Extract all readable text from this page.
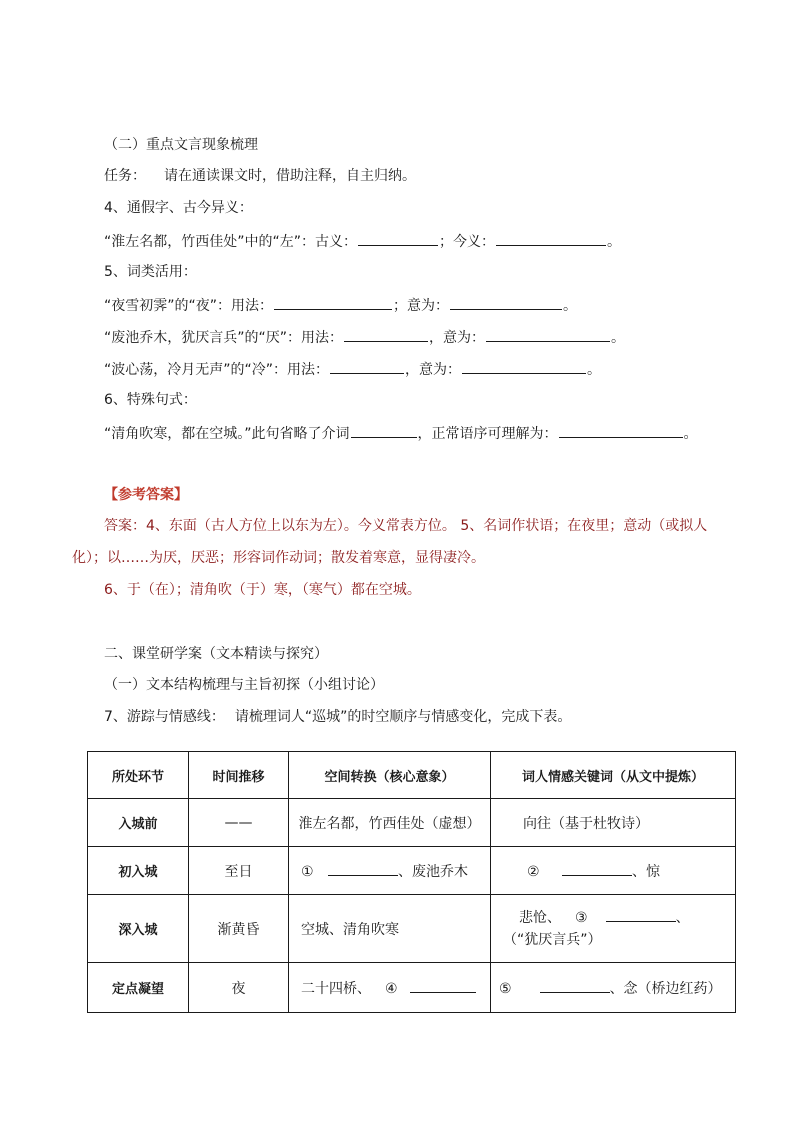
（二）重点文言现象梳理
任务： 请在通读课文时，借助注释，自主归纳。
4、通假字、古今异义：
“淮左名都，竹西佳处”中的“左”：古义：	；今义：	。
5、词类活用：
“夜雪初霁”的“夜”：用法：	；意为：	。
“废池乔木，犹厌言兵”的“厌”：用法：	，意为：	。
“波心荡，冷月无声”的“冷”：用法：	，意为：	。
6、特殊句式：
“清角吹寒，都在空城。”此句省略了介词	，正常语序可理解为：	。
【参考答案】
答案：4、东面（古人方位上以东为左）。今义常表方位。 5、名词作状语；在夜里；意动（或拟人
化）；以……为厌，厌恶；形容词作动词；散发着寒意，显得凄冷。
6、于（在）；清角吹（于）寒，（寒气）都在空城。
二、课堂研学案（文本精读与探究）
（一）文本结构梳理与主旨初探（小组讨论）
7、游踪与情感线： 请梳理词人“巡城”的时空顺序与情感变化，完成下表。
所处环节	时间推移	空间转换（核心意象）	词人情感关键词（从文中提炼）
入城前	——	淮左名都，竹西佳处（虚想）	向往（基于杜牧诗）
初入城	至日	① 、废池乔木	② 、惊
深入城	渐黄昏	空城、清角吹寒	悲怆、 ③ 、
（“犹厌言兵”）

定点凝望	夜	二十四桥、 ④	⑤ 、念（桥边红药）
